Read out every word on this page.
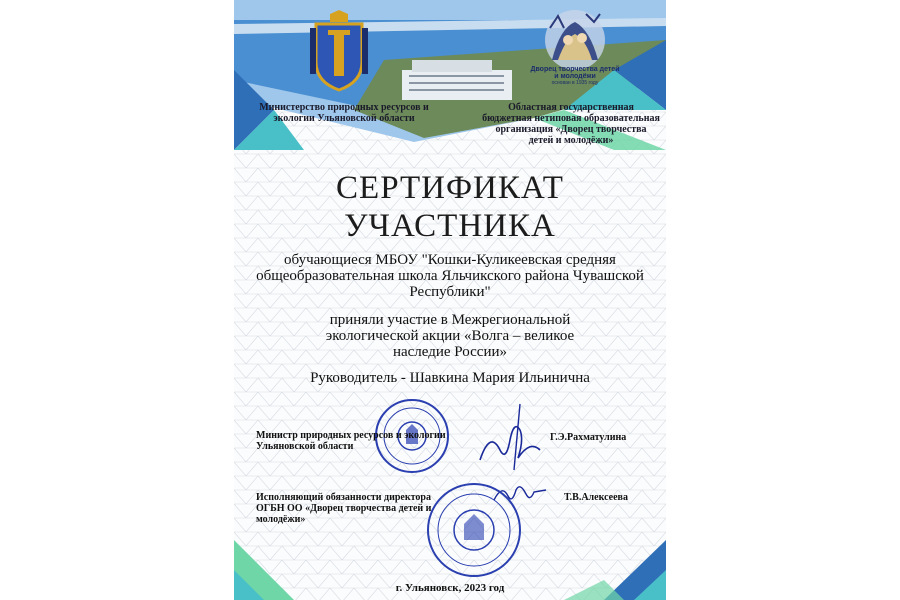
Дворец творчества детей и молодёжи
основан в 1935 году
Министерство природных ресурсов и экологии Ульяновской области
Областная государственная бюджетная нетиповая образовательная организация «Дворец творчества детей и молодёжи»
СЕРТИФИКАТ
УЧАСТНИКА
обучающиеся МБОУ "Кошки-Куликеевская средняя общеобразовательная школа Яльчикского района Чувашской Республики"
приняли участие в Межрегиональной экологической акции «Волга – великое наследие России»
Руководитель - Шавкина Мария Ильинична
Министр природных ресурсов и экологии Ульяновской области
Г.Э.Рахматулина
Исполняющий обязанности директора ОГБН ОО «Дворец творчества детей и молодёжи»
Т.В.Алексеева
г. Ульяновск, 2023 год
